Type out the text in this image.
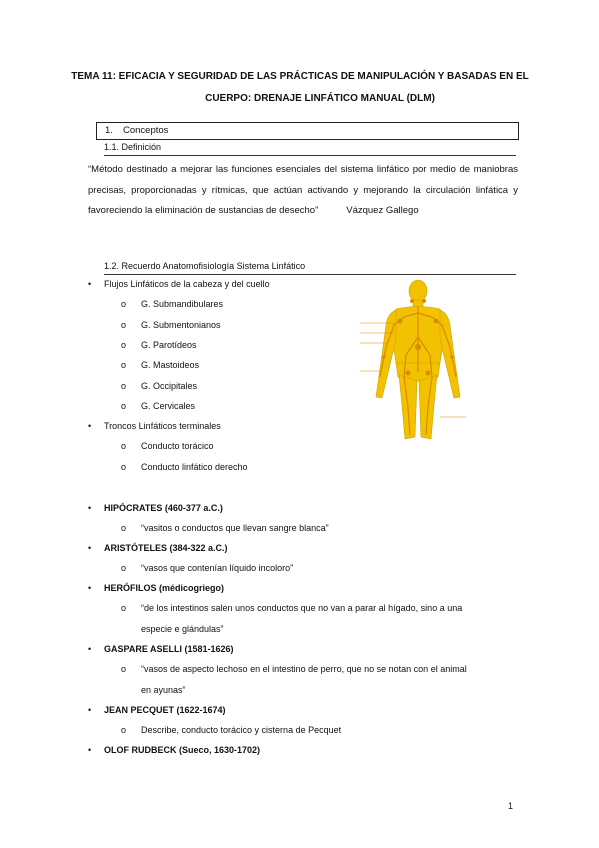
TEMA 11: EFICACIA Y SEGURIDAD DE LAS PRÁCTICAS DE MANIPULACIÓN Y BASADAS EN EL
CUERPO: DRENAJE LINFÁTICO MANUAL (DLM)
1. Conceptos
1.1. Definición
“Método destinado a mejorar las funciones esenciales del sistema linfático por medio de maniobras precisas, proporcionadas y rítmicas, que actúan activando y mejorando la circulación linfática y favoreciendo la eliminación de sustancias de desecho”	Vázquez Gallego
1.2. Recuerdo Anatomofisiología Sistema Linfático
• Flujos Linfáticos de la cabeza y del cuello
o G. Submandibulares
o G. Submentonianos
o G. Parotídeos
o G. Mastoideos
o G. Occipitales
o G. Cervicales
• Troncos Linfáticos terminales
o Conducto torácico
o Conducto linfático derecho
• HIPÓCRATES (460-377 a.C.)
o “vasitos o conductos que llevan sangre blanca”
• ARISTÓTELES (384-322 a.C.)
o “vasos que contenían líquido incoloro”
• HERÓFILOS (médicogriego)
o “de los intestinos salen unos conductos que no van a parar al hígado, sino a una
especie e glándulas”
• GASPARE ASELLI (1581-1626)
o “vasos de aspecto lechoso en el intestino de perro, que no se notan con el animal
en ayunas”
• JEAN PECQUET (1622-1674)
o Describe, conducto torácico y cisterna de Pecquet
• OLOF RUDBECK (Sueco, 1630-1702)
1
